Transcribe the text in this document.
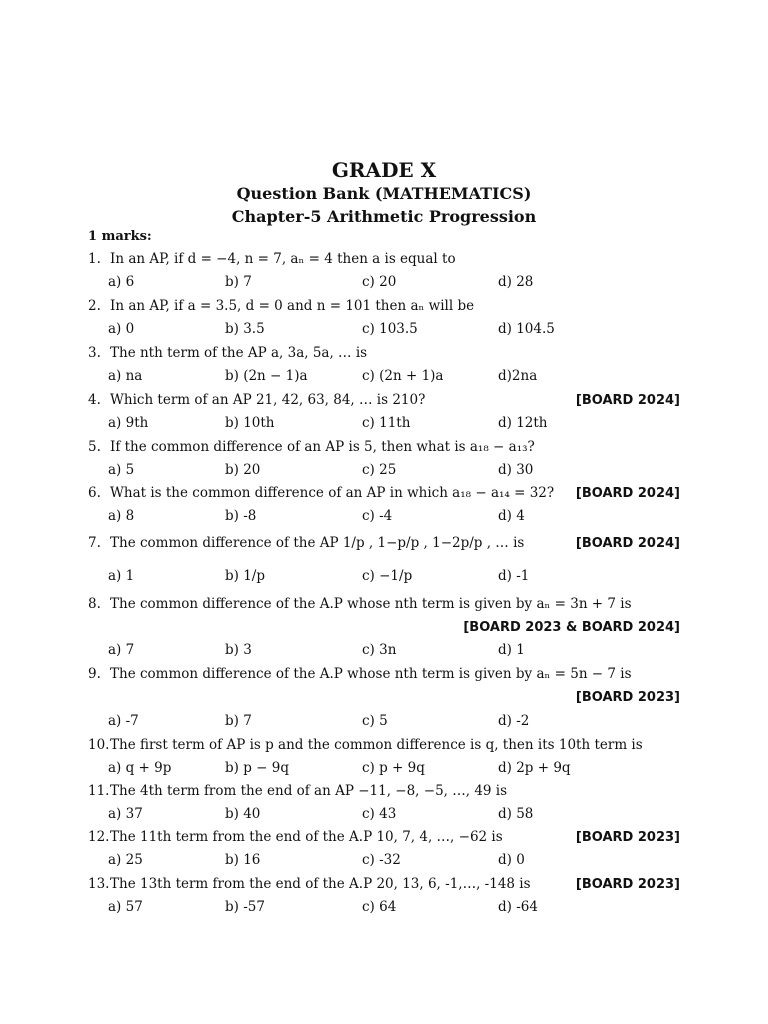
GRADE X
Question Bank (MATHEMATICS)
Chapter-5 Arithmetic Progression
1 marks:
1. In an AP, if d = −4, n = 7, aₙ = 4 then a is equal to
a) 6	b) 7	c) 20	d) 28
2. In an AP, if a = 3.5, d = 0 and n = 101 then aₙ will be
a) 0	b) 3.5	c) 103.5	d) 104.5
3. The nth term of the AP a, 3a, 5a, … is
a) na	b) (2n − 1)a	c) (2n + 1)a	d)2na
4. Which term of an AP 21, 42, 63, 84, … is 210?	[BOARD 2024]
a) 9th	b) 10th	c) 11th	d) 12th
5. If the common difference of an AP is 5, then what is a₁₈ − a₁₃?
a) 5	b) 20	c) 25	d) 30
6. What is the common difference of an AP in which a₁₈ − a₁₄ = 32? [BOARD 2024]
a) 8	b) -8	c) -4	d) 4
7. The common difference of the AP 1/p , 1−p/p , 1−2p/p , … is	[BOARD 2024]
a) 1	b) 1/p	c) −1/p	d) -1
8. The common difference of the A.P whose nth term is given by aₙ = 3n + 7 is
[BOARD 2023 & BOARD 2024]
a) 7	b) 3	c) 3n	d) 1
9. The common difference of the A.P whose nth term is given by aₙ = 5n − 7 is
[BOARD 2023]
a) -7	b) 7	c) 5	d) -2
10.The first term of AP is p and the common difference is q, then its 10th term is
a) q + 9p	b) p − 9q	c) p + 9q	d) 2p + 9q
11.The 4th term from the end of an AP −11, −8, −5, …, 49 is
a) 37	b) 40	c) 43	d) 58
12.The 11th term from the end of the A.P 10, 7, 4, …, −62 is	[BOARD 2023]
a) 25	b) 16	c) -32	d) 0
13.The 13th term from the end of the A.P 20, 13, 6, -1,…, -148 is	[BOARD 2023]
a) 57	b) -57	c) 64	d) -64
